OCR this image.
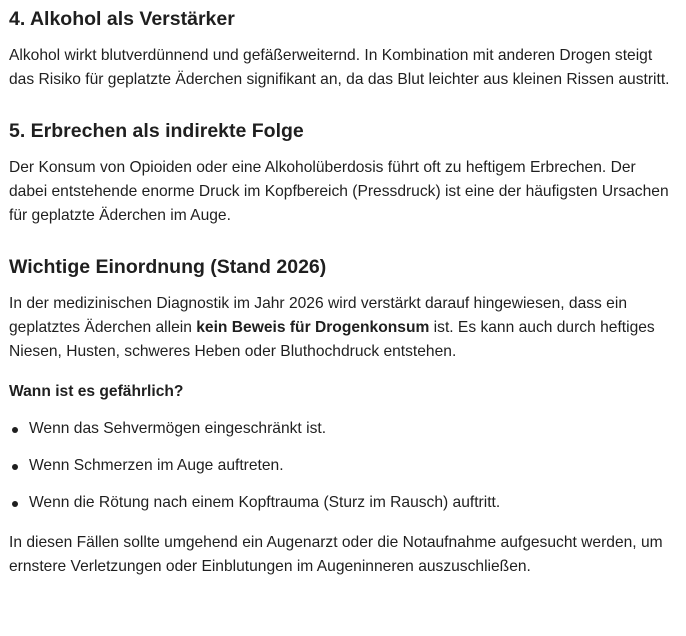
4. Alkohol als Verstärker

Alkohol wirkt blutverdünnend und gefäßerweiternd. In Kombination mit anderen Drogen steigt das Risiko für geplatzte Äderchen signifikant an, da das Blut leichter aus kleinen Rissen austritt.

5. Erbrechen als indirekte Folge

Der Konsum von Opioiden oder eine Alkoholüberdosis führt oft zu heftigem Erbrechen. Der dabei entstehende enorme Druck im Kopfbereich (Pressdruck) ist eine der häufigsten Ursachen für geplatzte Äderchen im Auge.

Wichtige Einordnung (Stand 2026)

In der medizinischen Diagnostik im Jahr 2026 wird verstärkt darauf hingewiesen, dass ein geplatztes Äderchen allein kein Beweis für Drogenkonsum ist. Es kann auch durch heftiges Niesen, Husten, schweres Heben oder Bluthochdruck entstehen.

Wann ist es gefährlich?

Wenn das Sehvermögen eingeschränkt ist.
Wenn Schmerzen im Auge auftreten.
Wenn die Rötung nach einem Kopftrauma (Sturz im Rausch) auftritt.

In diesen Fällen sollte umgehend ein Augenarzt oder die Notaufnahme aufgesucht werden, um ernstere Verletzungen oder Einblutungen im Augeninneren auszuschließen.
